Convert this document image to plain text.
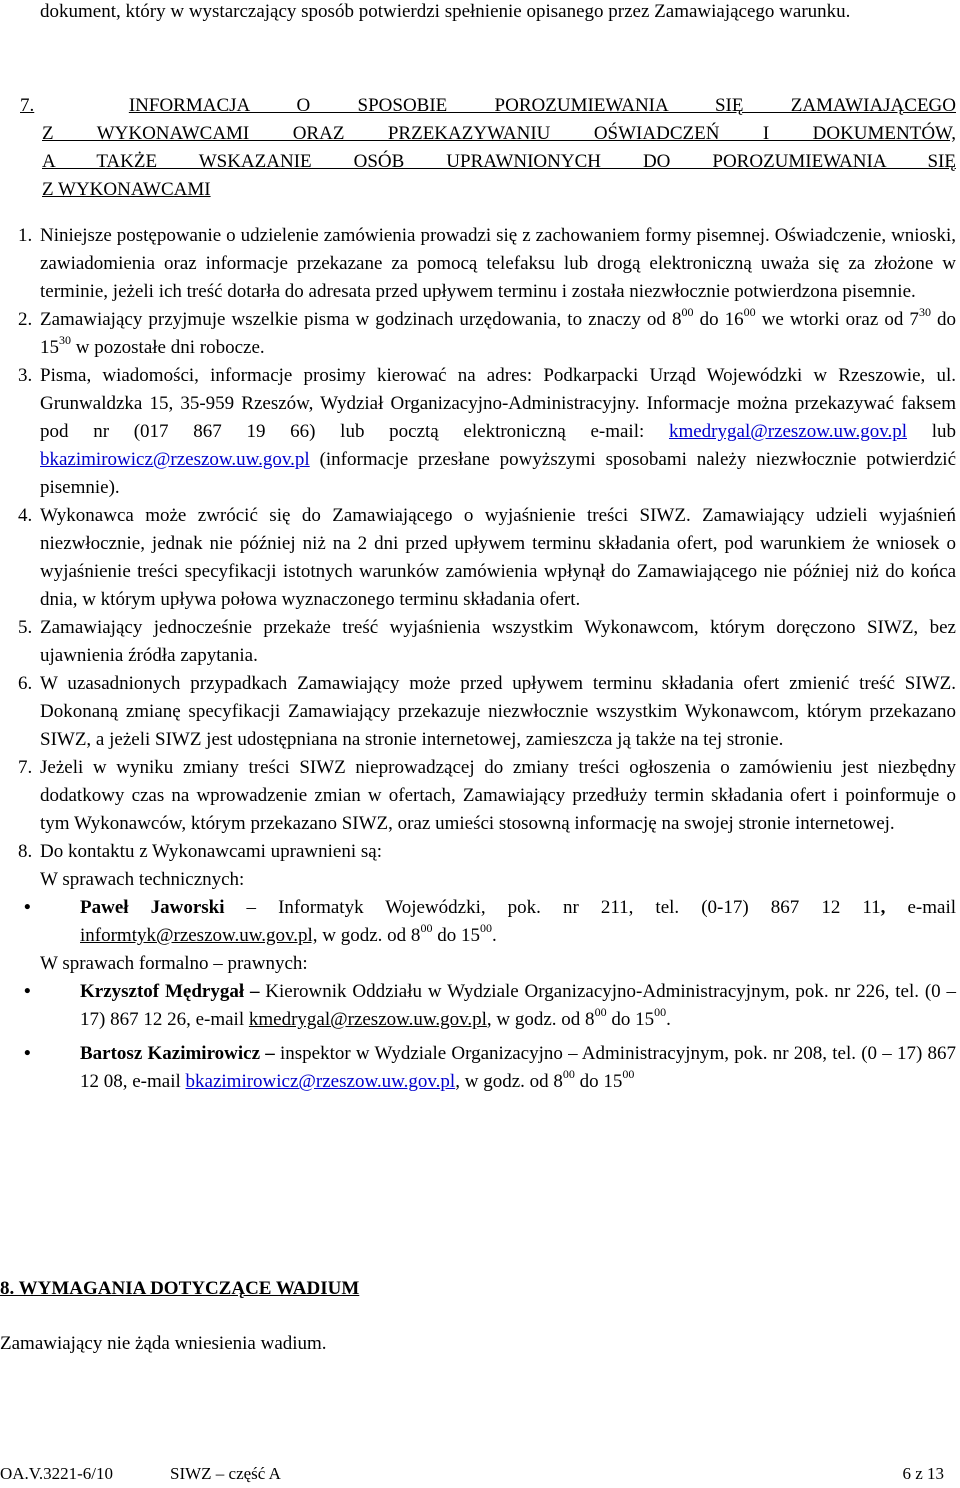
dokument, który w wystarczający sposób potwierdzi spełnienie opisanego przez Zamawiającego warunku.
7.	INFORMACJA O SPOSOBIE POROZUMIEWANIA SIĘ ZAMAWIAJĄCEGO
Z WYKONAWCAMI ORAZ PRZEKAZYWANIU OŚWIADCZEŃ I DOKUMENTÓW,
A TAKŻE WSKAZANIE OSÓB UPRAWNIONYCH DO POROZUMIEWANIA SIĘ
Z WYKONAWCAMI
1. Niniejsze postępowanie o udzielenie zamówienia prowadzi się z zachowaniem formy pisemnej. Oświadczenie, wnioski, zawiadomienia oraz informacje przekazane za pomocą telefaksu lub drogą elektroniczną uważa się za złożone w terminie, jeżeli ich treść dotarła do adresata przed upływem terminu i została niezwłocznie potwierdzona pisemnie.
2. Zamawiający przyjmuje wszelkie pisma w godzinach urzędowania, to znaczy od $8^{00}$ do $16^{00}$ we wtorki oraz od $7^{30}$ do $15^{30}$ w pozostałe dni robocze.
3. Pisma, wiadomości, informacje prosimy kierować na adres: Podkarpacki Urząd Wojewódzki w Rzeszowie, ul. Grunwaldzka 15, 35-959 Rzeszów, Wydział Organizacyjno-Administracyjny. Informacje można przekazywać faksem pod nr (017 867 19 66) lub pocztą elektroniczną e-mail: kmedrygal@rzeszow.uw.gov.pl lub bkazimirowicz@rzeszow.uw.gov.pl (informacje przesłane powyższymi sposobami należy niezwłocznie potwierdzić pisemnie).
4. Wykonawca może zwrócić się do Zamawiającego o wyjaśnienie treści SIWZ. Zamawiający udzieli wyjaśnień niezwłocznie, jednak nie później niż na 2 dni przed upływem terminu składania ofert, pod warunkiem że wniosek o wyjaśnienie treści specyfikacji istotnych warunków zamówienia wpłynął do Zamawiającego nie później niż do końca dnia, w którym upływa połowa wyznaczonego terminu składania ofert.
5. Zamawiający jednocześnie przekaże treść wyjaśnienia wszystkim Wykonawcom, którym doręczono SIWZ, bez ujawnienia źródła zapytania.
6. W uzasadnionych przypadkach Zamawiający może przed upływem terminu składania ofert zmienić treść SIWZ. Dokonaną zmianę specyfikacji Zamawiający przekazuje niezwłocznie wszystkim Wykonawcom, którym przekazano SIWZ, a jeżeli SIWZ jest udostępniana na stronie internetowej, zamieszcza ją także na tej stronie.
7. Jeżeli w wyniku zmiany treści SIWZ nieprowadzącej do zmiany treści ogłoszenia o zamówieniu jest niezbędny dodatkowy czas na wprowadzenie zmian w ofertach, Zamawiający przedłuży termin składania ofert i poinformuje o tym Wykonawców, którym przekazano SIWZ, oraz umieści stosowną informację na swojej stronie internetowej.
8. Do kontaktu z Wykonawcami uprawnieni są:
W sprawach technicznych:
•	Paweł Jaworski – Informatyk Wojewódzki, pok. nr 211, tel. (0-17) 867 12 11, e-mail informtyk@rzeszow.uw.gov.pl, w godz. od $8^{00}$ do $15^{00}$.
W sprawach formalno – prawnych:
•	Krzysztof Mędrygał – Kierownik Oddziału w Wydziale Organizacyjno-Administracyjnym, pok. nr 226, tel. (0 –17) 867 12 26, e-mail kmedrygal@rzeszow.uw.gov.pl, w godz. od $8^{00}$ do $15^{00}$.
•	Bartosz Kazimirowicz – inspektor w Wydziale Organizacyjno – Administracyjnym, pok. nr 208, tel. (0 – 17) 867 12 08, e-mail bkazimirowicz@rzeszow.uw.gov.pl, w godz. od $8^{00}$ do $15^{00}$
8. WYMAGANIA DOTYCZĄCE WADIUM
Zamawiający nie żąda wniesienia wadium.
OA.V.3221-6/10	SIWZ – część A	6 z 13
